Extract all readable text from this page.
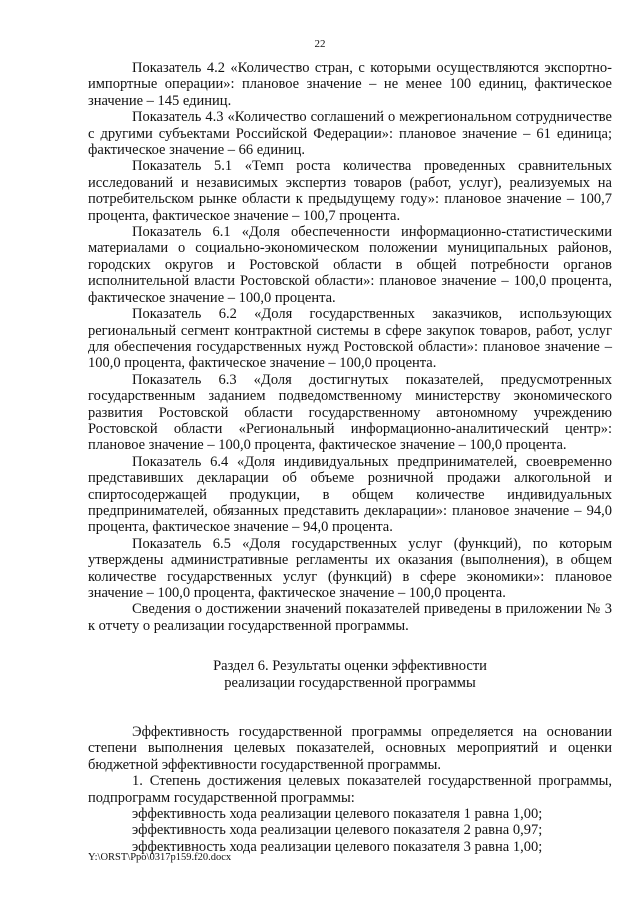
22

Показатель 4.2 «Количество стран, с которыми осуществляются экспортно-импортные операции»: плановое значение – не менее 100 единиц, фактическое значение – 145 единиц.

Показатель 4.3 «Количество соглашений о межрегиональном сотрудничестве с другими субъектами Российской Федерации»: плановое значение – 61 единица; фактическое значение – 66 единиц.

Показатель 5.1 «Темп роста количества проведенных сравнительных исследований и независимых экспертиз товаров (работ, услуг), реализуемых на потребительском рынке области к предыдущему году»: плановое значение – 100,7 процента, фактическое значение – 100,7 процента.

Показатель 6.1 «Доля обеспеченности информационно-статистическими материалами о социально-экономическом положении муниципальных районов, городских округов и Ростовской области в общей потребности органов исполнительной власти Ростовской области»: плановое значение – 100,0 процента, фактическое значение – 100,0 процента.

Показатель 6.2 «Доля государственных заказчиков, использующих региональный сегмент контрактной системы в сфере закупок товаров, работ, услуг для обеспечения государственных нужд Ростовской области»: плановое значение – 100,0 процента, фактическое значение – 100,0 процента.

Показатель 6.3 «Доля достигнутых показателей, предусмотренных государственным заданием подведомственному министерству экономического развития Ростовской области государственному автономному учреждению Ростовской области «Региональный информационно-аналитический центр»: плановое значение – 100,0 процента, фактическое значение – 100,0 процента.

Показатель 6.4 «Доля индивидуальных предпринимателей, своевременно представивших декларации об объеме розничной продажи алкогольной и спиртосодержащей продукции, в общем количестве индивидуальных предпринимателей, обязанных представить декларации»: плановое значение – 94,0 процента, фактическое значение – 94,0 процента.

Показатель 6.5 «Доля государственных услуг (функций), по которым утверждены административные регламенты их оказания (выполнения), в общем количестве государственных услуг (функций) в сфере экономики»: плановое значение – 100,0 процента, фактическое значение – 100,0 процента.

Сведения о достижении значений показателей приведены в приложении № 3 к отчету о реализации государственной программы.

Раздел 6. Результаты оценки эффективности

реализации государственной программы

Эффективность государственной программы определяется на основании степени выполнения целевых показателей, основных мероприятий и оценки бюджетной эффективности государственной программы.

1. Степень достижения целевых показателей государственной программы, подпрограмм государственной программы:

эффективность хода реализации целевого показателя 1 равна 1,00;

эффективность хода реализации целевого показателя 2 равна 0,97;

эффективность хода реализации целевого показателя 3 равна 1,00;

Y:\ORST\Ppo\0317p159.f20.docx
